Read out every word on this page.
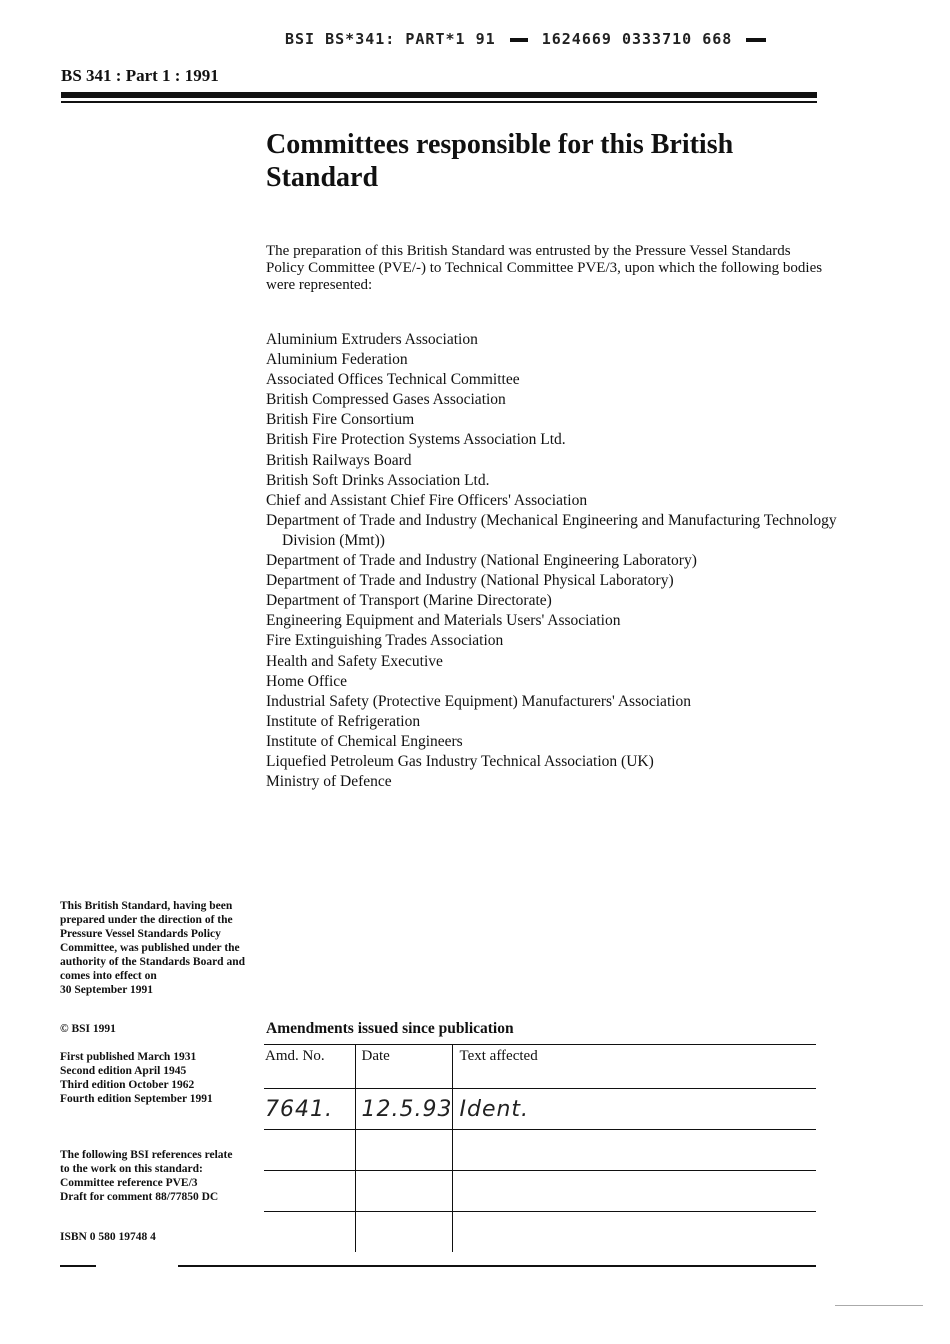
BSI BS*341: PART*1 91	1624669 0333710 668
BS 341 : Part 1 : 1991
Committees responsible for this British Standard

The preparation of this British Standard was entrusted by the Pressure Vessel Standards Policy Committee (PVE/-) to Technical Committee PVE/3, upon which the following bodies were represented:

Aluminium Extruders Association
Aluminium Federation
Associated Offices Technical Committee
British Compressed Gases Association
British Fire Consortium
British Fire Protection Systems Association Ltd.
British Railways Board
British Soft Drinks Association Ltd.
Chief and Assistant Chief Fire Officers' Association
Department of Trade and Industry (Mechanical Engineering and Manufacturing Technology Division (Mmt))
Department of Trade and Industry (National Engineering Laboratory)
Department of Trade and Industry (National Physical Laboratory)
Department of Transport (Marine Directorate)
Engineering Equipment and Materials Users' Association
Fire Extinguishing Trades Association
Health and Safety Executive
Home Office
Industrial Safety (Protective Equipment) Manufacturers' Association
Institute of Refrigeration
Institute of Chemical Engineers
Liquefied Petroleum Gas Industry Technical Association (UK)
Ministry of Defence
This British Standard, having been prepared under the direction of the Pressure Vessel Standards Policy Committee, was published under the authority of the Standards Board and comes into effect on
30 September 1991
© BSI 1991
First published March 1931
Second edition April 1945
Third edition October 1962
Fourth edition September 1991
The following BSI references relate to the work on this standard:
Committee reference PVE/3
Draft for comment 88/77850 DC
ISBN 0 580 19748 4
Amendments issued since publication
Amd. No.	Date	Text affected
7641.	12.5.93	Ident.
